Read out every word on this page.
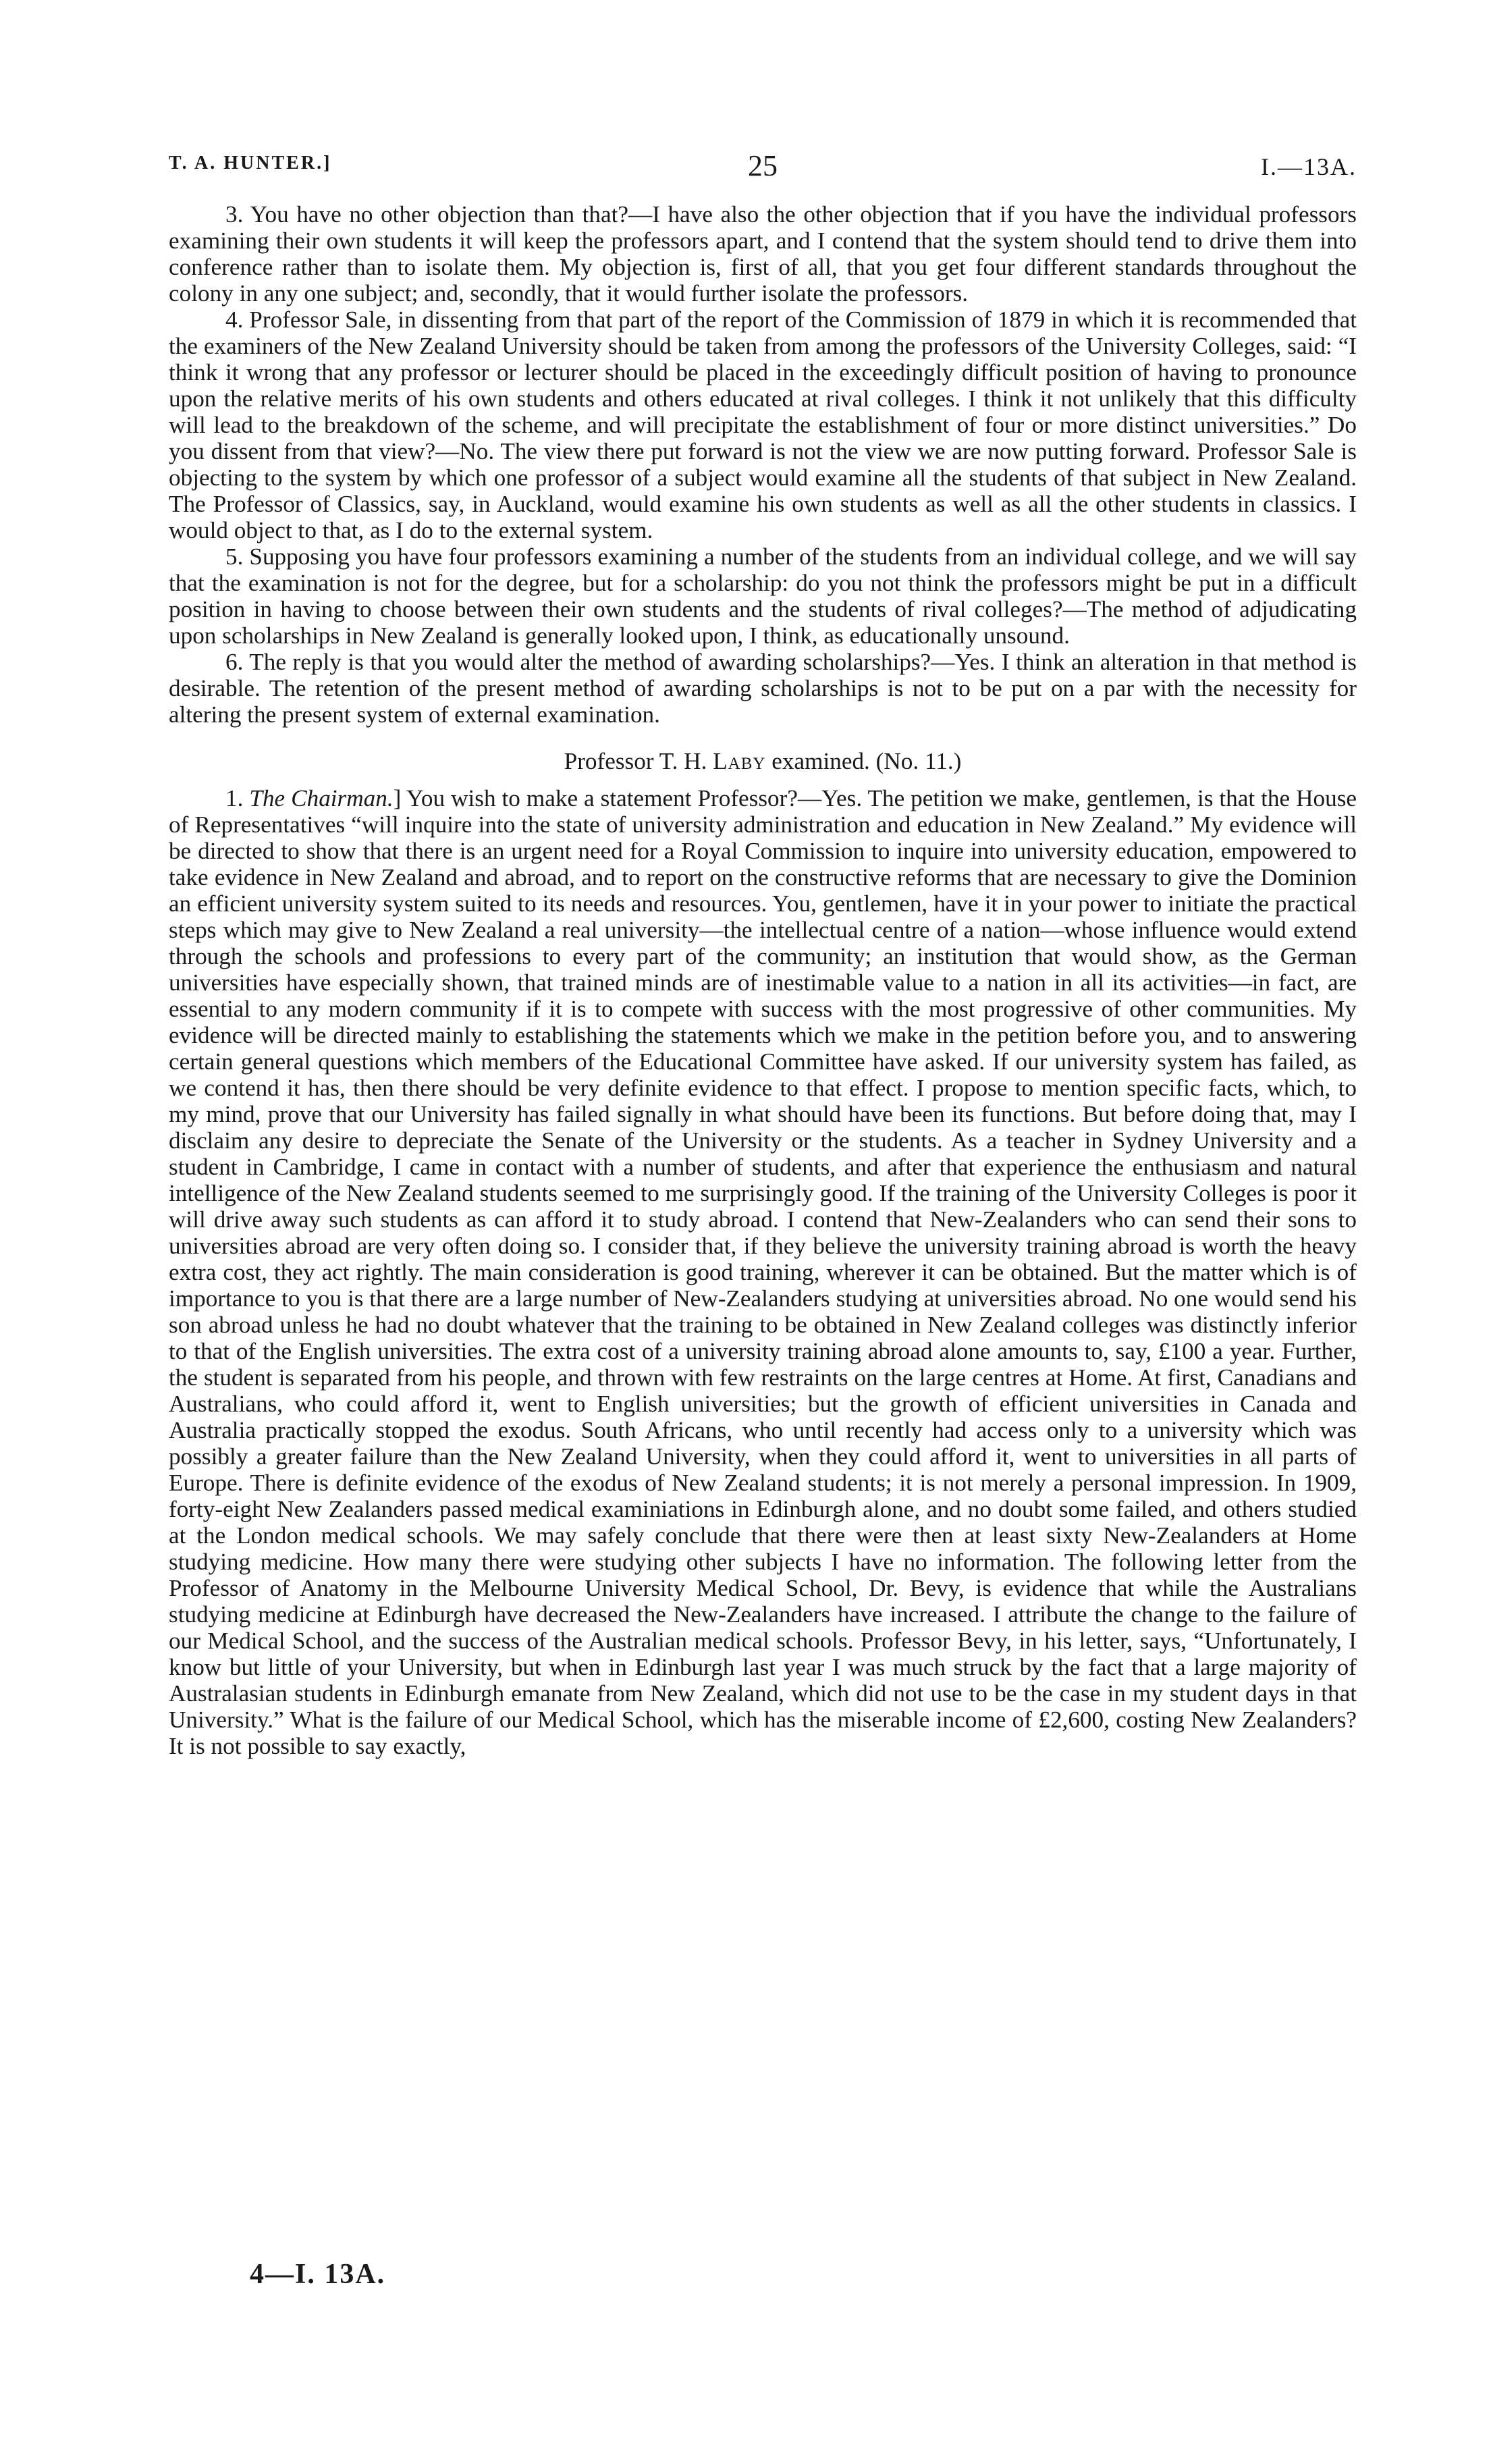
T. A. HUNTER.]	25	I.—13A.

3. You have no other objection than that?—I have also the other objection that if you have the individual professors examining their own students it will keep the professors apart, and I contend that the system should tend to drive them into conference rather than to isolate them. My objection is, first of all, that you get four different standards throughout the colony in any one subject; and, secondly, that it would further isolate the professors.

4. Professor Sale, in dissenting from that part of the report of the Commission of 1879 in which it is recommended that the examiners of the New Zealand University should be taken from among the professors of the University Colleges, said: “I think it wrong that any professor or lecturer should be placed in the exceedingly difficult position of having to pronounce upon the relative merits of his own students and others educated at rival colleges. I think it not unlikely that this difficulty will lead to the breakdown of the scheme, and will precipitate the establishment of four or more distinct universities.” Do you dissent from that view?—No. The view there put forward is not the view we are now putting forward. Professor Sale is objecting to the system by which one professor of a subject would examine all the students of that subject in New Zealand. The Professor of Classics, say, in Auckland, would examine his own students as well as all the other students in classics. I would object to that, as I do to the external system.

5. Supposing you have four professors examining a number of the students from an individual college, and we will say that the examination is not for the degree, but for a scholarship: do you not think the professors might be put in a difficult position in having to choose between their own students and the students of rival colleges?—The method of adjudicating upon scholarships in New Zealand is generally looked upon, I think, as educationally unsound.

6. The reply is that you would alter the method of awarding scholarships?—Yes. I think an alteration in that method is desirable. The retention of the present method of awarding scholarships is not to be put on a par with the necessity for altering the present system of external examination.

Professor T. H. Laby examined. (No. 11.)

1. The Chairman.] You wish to make a statement Professor?—Yes. The petition we make, gentlemen, is that the House of Representatives “will inquire into the state of university administration and education in New Zealand.” My evidence will be directed to show that there is an urgent need for a Royal Commission to inquire into university education, empowered to take evidence in New Zealand and abroad, and to report on the constructive reforms that are necessary to give the Dominion an efficient university system suited to its needs and resources. You, gentlemen, have it in your power to initiate the practical steps which may give to New Zealand a real university—the intellectual centre of a nation—whose influence would extend through the schools and professions to every part of the community; an institution that would show, as the German universities have especially shown, that trained minds are of inestimable value to a nation in all its activities—in fact, are essential to any modern community if it is to compete with success with the most progressive of other communities. My evidence will be directed mainly to establishing the statements which we make in the petition before you, and to answering certain general questions which members of the Educational Committee have asked. If our university system has failed, as we contend it has, then there should be very definite evidence to that effect. I propose to mention specific facts, which, to my mind, prove that our University has failed signally in what should have been its functions. But before doing that, may I disclaim any desire to depreciate the Senate of the University or the students. As a teacher in Sydney University and a student in Cambridge, I came in contact with a number of students, and after that experience the enthusiasm and natural intelligence of the New Zealand students seemed to me surprisingly good. If the training of the University Colleges is poor it will drive away such students as can afford it to study abroad. I contend that New-Zealanders who can send their sons to universities abroad are very often doing so. I consider that, if they believe the university training abroad is worth the heavy extra cost, they act rightly. The main consideration is good training, wherever it can be obtained. But the matter which is of importance to you is that there are a large number of New-Zealanders studying at universities abroad. No one would send his son abroad unless he had no doubt whatever that the training to be obtained in New Zealand colleges was distinctly inferior to that of the English universities. The extra cost of a university training abroad alone amounts to, say, £100 a year. Further, the student is separated from his people, and thrown with few restraints on the large centres at Home. At first, Canadians and Australians, who could afford it, went to English universities; but the growth of efficient universities in Canada and Australia practically stopped the exodus. South Africans, who until recently had access only to a university which was possibly a greater failure than the New Zealand University, when they could afford it, went to universities in all parts of Europe. There is definite evidence of the exodus of New Zealand students; it is not merely a personal impression. In 1909, forty-eight New Zealanders passed medical examiniations in Edinburgh alone, and no doubt some failed, and others studied at the London medical schools. We may safely conclude that there were then at least sixty New-Zealanders at Home studying medicine. How many there were studying other subjects I have no information. The following letter from the Professor of Anatomy in the Melbourne University Medical School, Dr. Bevy, is evidence that while the Australians studying medicine at Edinburgh have decreased the New-Zealanders have increased. I attribute the change to the failure of our Medical School, and the success of the Australian medical schools. Professor Bevy, in his letter, says, “Unfortunately, I know but little of your University, but when in Edinburgh last year I was much struck by the fact that a large majority of Australasian students in Edinburgh emanate from New Zealand, which did not use to be the case in my student days in that University.” What is the failure of our Medical School, which has the miserable income of £2,600, costing New Zealanders? It is not possible to say exactly,

4—I. 13A.
